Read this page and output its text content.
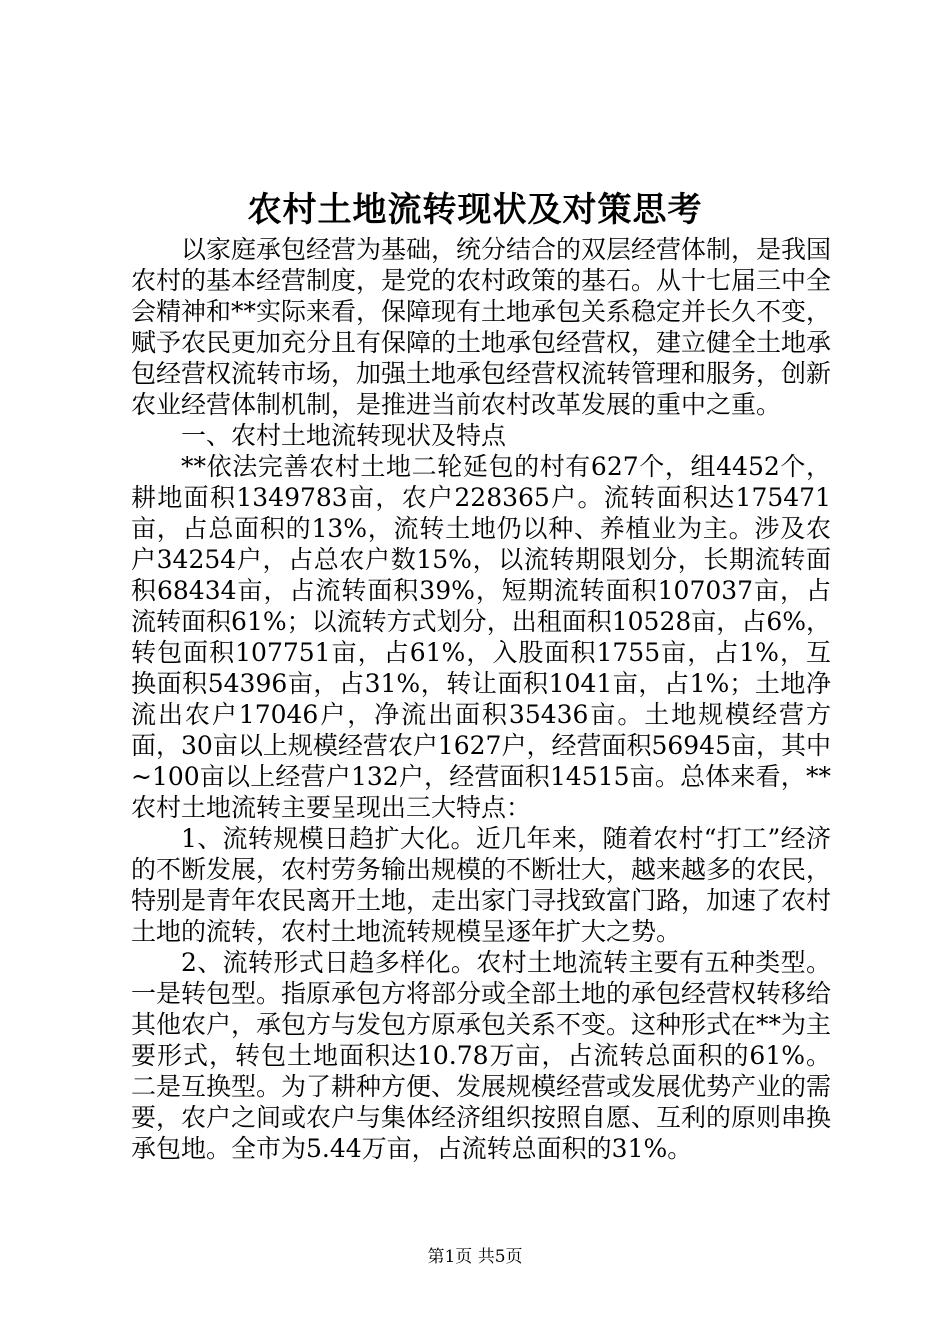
农村土地流转现状及对策思考

以家庭承包经营为基础，统分结合的双层经营体制，是我国农村的基本经营制度，是党的农村政策的基石。从十七届三中全会精神和**实际来看，保障现有土地承包关系稳定并长久不变，赋予农民更加充分且有保障的土地承包经营权，建立健全土地承包经营权流转市场，加强土地承包经营权流转管理和服务，创新农业经营体制机制，是推进当前农村改革发展的重中之重。

一、农村土地流转现状及特点

**依法完善农村土地二轮延包的村有627个，组4452个，耕地面积1349783亩，农户228365户。流转面积达175471亩，占总面积的13%，流转土地仍以种、养植业为主。涉及农户34254户，占总农户数15%，以流转期限划分，长期流转面积68434亩，占流转面积39%，短期流转面积107037亩，占流转面积61%；以流转方式划分，出租面积10528亩，占6%，转包面积107751亩，占61%，入股面积1755亩，占1%，互换面积54396亩，占31%，转让面积1041亩，占1%；土地净流出农户17046户，净流出面积35436亩。土地规模经营方面，30亩以上规模经营农户1627户，经营面积56945亩，其中~100亩以上经营户132户，经营面积14515亩。总体来看，**农村土地流转主要呈现出三大特点：

1、流转规模日趋扩大化。近几年来，随着农村“打工”经济的不断发展，农村劳务输出规模的不断壮大，越来越多的农民，特别是青年农民离开土地，走出家门寻找致富门路，加速了农村土地的流转，农村土地流转规模呈逐年扩大之势。

2、流转形式日趋多样化。农村土地流转主要有五种类型。一是转包型。指原承包方将部分或全部土地的承包经营权转移给其他农户，承包方与发包方原承包关系不变。这种形式在**为主要形式，转包土地面积达10.78万亩，占流转总面积的61%。二是互换型。为了耕种方便、发展规模经营或发展优势产业的需要，农户之间或农户与集体经济组织按照自愿、互利的原则串换承包地。全市为5.44万亩，占流转总面积的31%。

第1页 共5页
